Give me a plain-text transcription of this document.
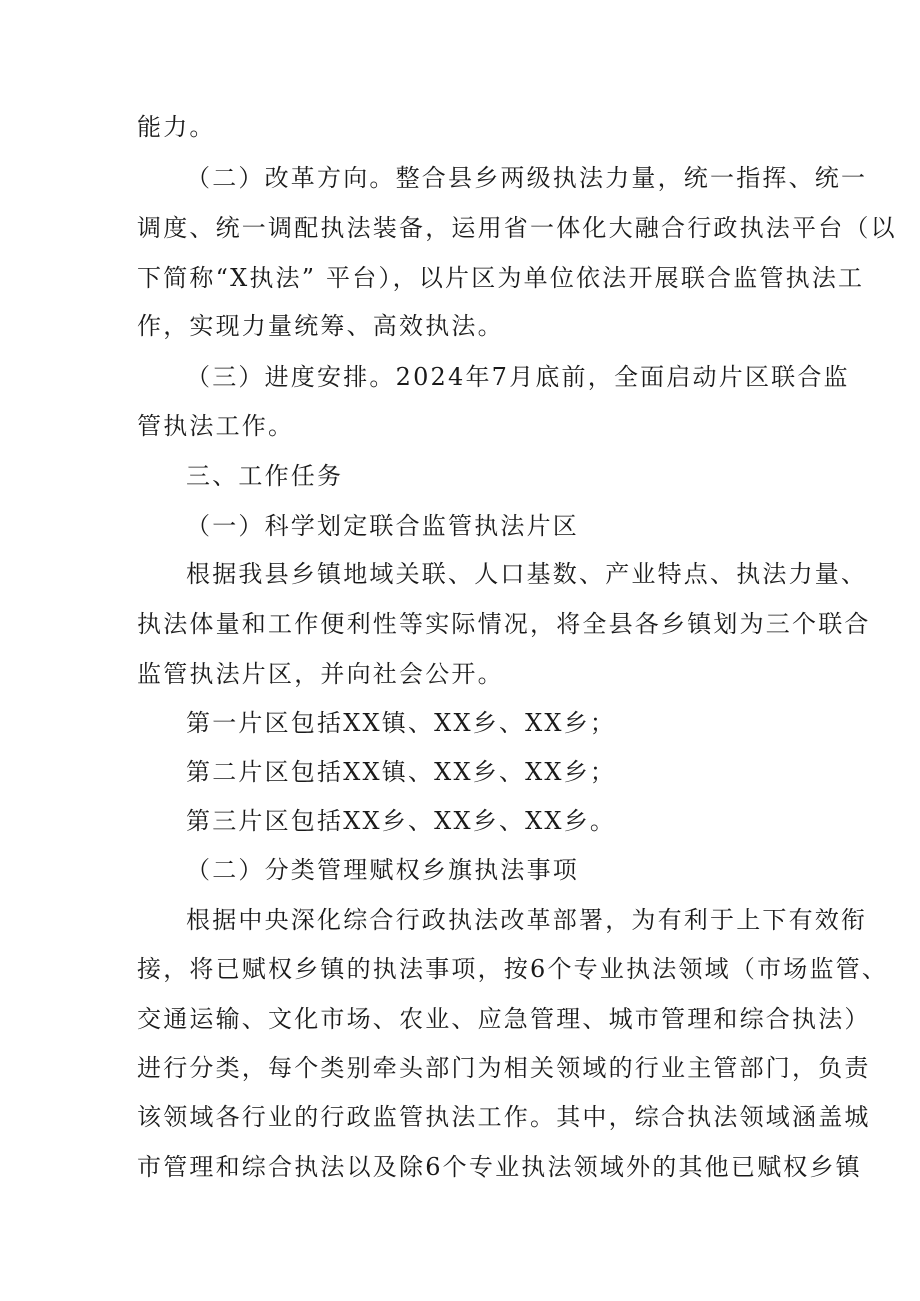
能力。
（二）改革方向。整合县乡两级执法力量，统一指挥、统一
调度、统一调配执法装备，运用省一体化大融合行政执法平台（以
下简称“X执法” 平台），以片区为单位依法开展联合监管执法工
作，实现力量统筹、高效执法。
（三）进度安排。2024年7月底前，全面启动片区联合监
管执法工作。
三、工作任务
（一）科学划定联合监管执法片区
根据我县乡镇地域关联、人口基数、产业特点、执法力量、
执法体量和工作便利性等实际情况，将全县各乡镇划为三个联合
监管执法片区，并向社会公开。
第一片区包括XX镇、XX乡、XX乡；
第二片区包括XX镇、XX乡、XX乡；
第三片区包括XX乡、XX乡、XX乡。
（二）分类管理赋权乡旗执法事项
根据中央深化综合行政执法改革部署，为有利于上下有效衔
接，将已赋权乡镇的执法事项，按6个专业执法领域（市场监管、
交通运输、文化市场、农业、应急管理、城市管理和综合执法）
进行分类，每个类别牵头部门为相关领域的行业主管部门，负责
该领域各行业的行政监管执法工作。其中，综合执法领域涵盖城
市管理和综合执法以及除6个专业执法领域外的其他已赋权乡镇
